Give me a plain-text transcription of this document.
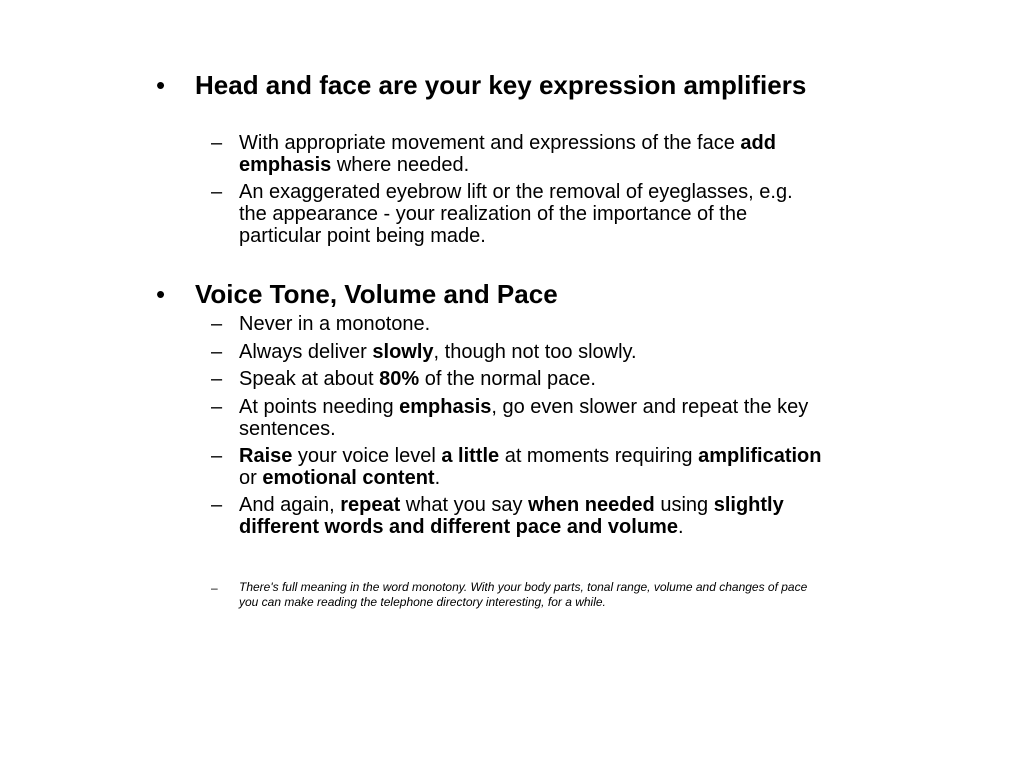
• Head and face are your key expression amplifiers
– With appropriate movement and expressions of the face add emphasis where needed.
– An exaggerated eyebrow lift or the removal of eyeglasses, e.g. the appearance - your realization of the importance of the particular point being made.
• Voice Tone, Volume and Pace
– Never in a monotone.
– Always deliver slowly, though not too slowly.
– Speak at about 80% of the normal pace.
– At points needing emphasis, go even slower and repeat the key sentences.
– Raise your voice level a little at moments requiring amplification or emotional content.
– And again, repeat what you say when needed using slightly different words and different pace and volume.
– There's full meaning in the word monotony. With your body parts, tonal range, volume and changes of pace you can make reading the telephone directory interesting, for a while.
